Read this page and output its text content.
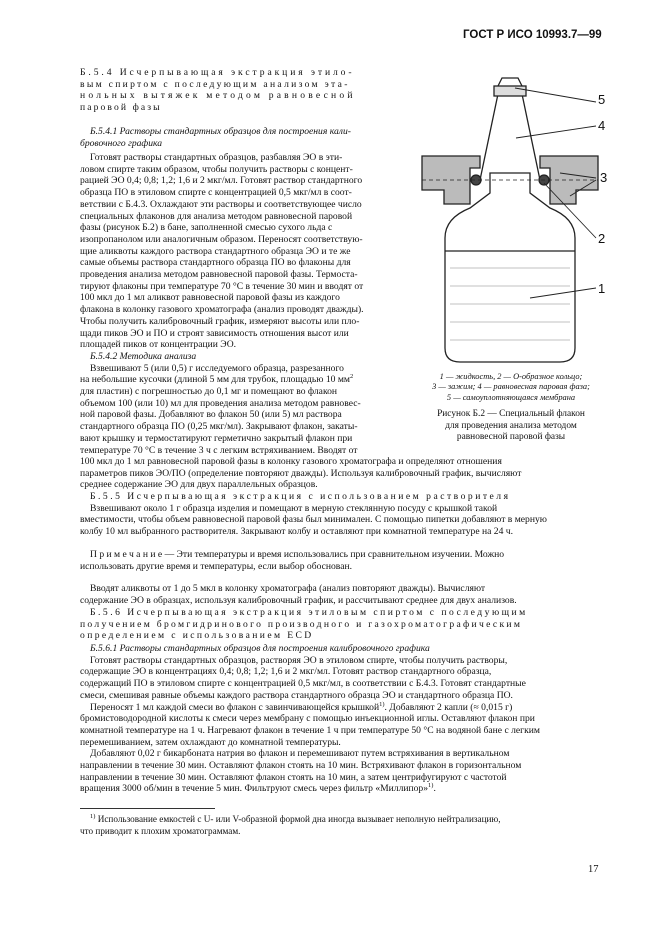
ГОСТ Р ИСО 10993.7—99
Б.5.4 Исчерпывающая экстракция этило-
вым спиртом с последующим анализом эта-
нольных вытяжек методом равновесной
паровой фазы
Б.5.4.1 Растворы стандартных образцов для построения кали-
бровочного графика
Готовят растворы стандартных образцов, разбавляя ЭО в эти-
ловом спирте таким образом, чтобы получить растворы с концент-
рацией ЭО 0,4; 0,8; 1,2; 1,6 и 2 мкг/мл. Готовят раствор стандартного
образца ПО в этиловом спирте с концентрацией 0,5 мкг/мл в соот-
ветствии с Б.4.3. Охлаждают эти растворы и соответствующее число
специальных флаконов для анализа методом равновесной паровой
фазы (рисунок Б.2) в бане, заполненной смесью сухого льда с
изопропанолом или аналогичным образом. Переносят соответствую-
щие аликвоты каждого раствора стандартного образца ЭО и те же
самые объемы раствора стандартного образца ПО во флаконы для
проведения анализа методом равновесной паровой фазы. Термоста-
тируют флаконы при температуре 70 °С в течение 30 мин и вводят от
100 мкл до 1 мл аликвот равновесной паровой фазы из каждого
флакона в колонку газового хроматографа (анализ проводят дважды).
Чтобы получить калибровочный график, измеряют высоты или пло-
щади пиков ЭО и ПО и строят зависимость отношения высот или
площадей пиков от концентрации ЭО.
Б.5.4.2 Методика анализа
Взвешивают 5 (или 0,5) г исследуемого образца, разрезанного
на небольшие кусочки (длиной 5 мм для трубок, площадью 10 $мм^2$
для пластин) с погрешностью до 0,1 мг и помещают во флакон
объемом 100 (или 10) мл для проведения анализа методом равновес-
ной паровой фазы. Добавляют во флакон 50 (или 5) мл раствора
стандартного образца ПО (0,25 мкг/мл). Закрывают флакон, закаты-
вают крышку и термостатируют герметично закрытый флакон при
температуре 70 °С в течение 3 ч с легким встряхиванием. Вводят от
100 мкл до 1 мл равновесной паровой фазы в колонку газового хроматографа и определяют отношения
параметров пиков ЭО/ПО (определение повторяют дважды). Используя калибровочный график, вычисляют
среднее содержание ЭО для двух параллельных образцов.
5
4
3
2
1
1 — жидкость, 2 — О-образное кольцо;
3 — зажим; 4 — равновесная паровая фаза;
5 — самоуплотняющаяся мембрана
Рисунок Б.2 — Специальный флакон
для проведения анализа методом
равновесной паровой фазы
Б.5.5 Исчерпывающая экстракция с использованием растворителя
Взвешивают около 1 г образца изделия и помещают в мерную стеклянную посуду с крышкой такой
вместимости, чтобы объем равновесной паровой фазы был минимален. С помощью пипетки добавляют в мерную
колбу 10 мл выбранного растворителя. Закрывают колбу и оставляют при комнатной температуре на 24 ч.
Примечание— Эти температуры и время использовались при сравнительном изучении. Можно
использовать другие время и температуры, если выбор обоснован.
Вводят аликвоты от 1 до 5 мкл в колонку хроматографа (анализ повторяют дважды). Вычисляют
содержание ЭО в образцах, используя калибровочный график, и рассчитывают среднее для двух анализов.
Б.5.6 Исчерпывающая экстракция этиловым спиртом с последующим
получением бромгидринового производного и газохроматографическим
определением с использованием ECD
Б.5.6.1 Растворы стандартных образцов для построения калибровочного графика
Готовят растворы стандартных образцов, растворяя ЭО в этиловом спирте, чтобы получить растворы,
содержащие ЭО в концентрациях 0,4; 0,8; 1,2; 1,6 и 2 мкг/мл. Готовят раствор стандартного образца,
содержащий ПО в этиловом спирте с концентрацией 0,5 мкг/мл, в соответствии с Б.4.3. Готовят стандартные
смеси, смешивая равные объемы каждого раствора стандартного образца ЭО и стандартного образца ПО.
Переносят 1 мл каждой смеси во флакон с завинчивающейся крышкой$^{1)}$. Добавляют 2 капли (≈ 0,015 г)
бромистоводородной кислоты к смеси через мембрану с помощью инъекционной иглы. Оставляют флакон при
комнатной температуре на 1 ч. Нагревают флакон в течение 1 ч при температуре 50 °С на водяной бане с легким
перемешиванием, затем охлаждают до комнатной температуры.
Добавляют 0,02 г бикарбоната натрия во флакон и перемешивают путем встряхивания в вертикальном
направлении в течение 30 мин. Оставляют флакон стоять на 10 мин. Встряхивают флакон в горизонтальном
направлении в течение 30 мин. Оставляют флакон стоять на 10 мин, а затем центрифугируют с частотой
вращения 3000 об/мин в течение 5 мин. Фильтруют смесь через фильтр «Миллипор»$^{1)}$.
$^{1)}$ Использование емкостей с U- или V-образной формой дна иногда вызывает неполную нейтрализацию,
что приводит к плохим хроматограммам.
17
